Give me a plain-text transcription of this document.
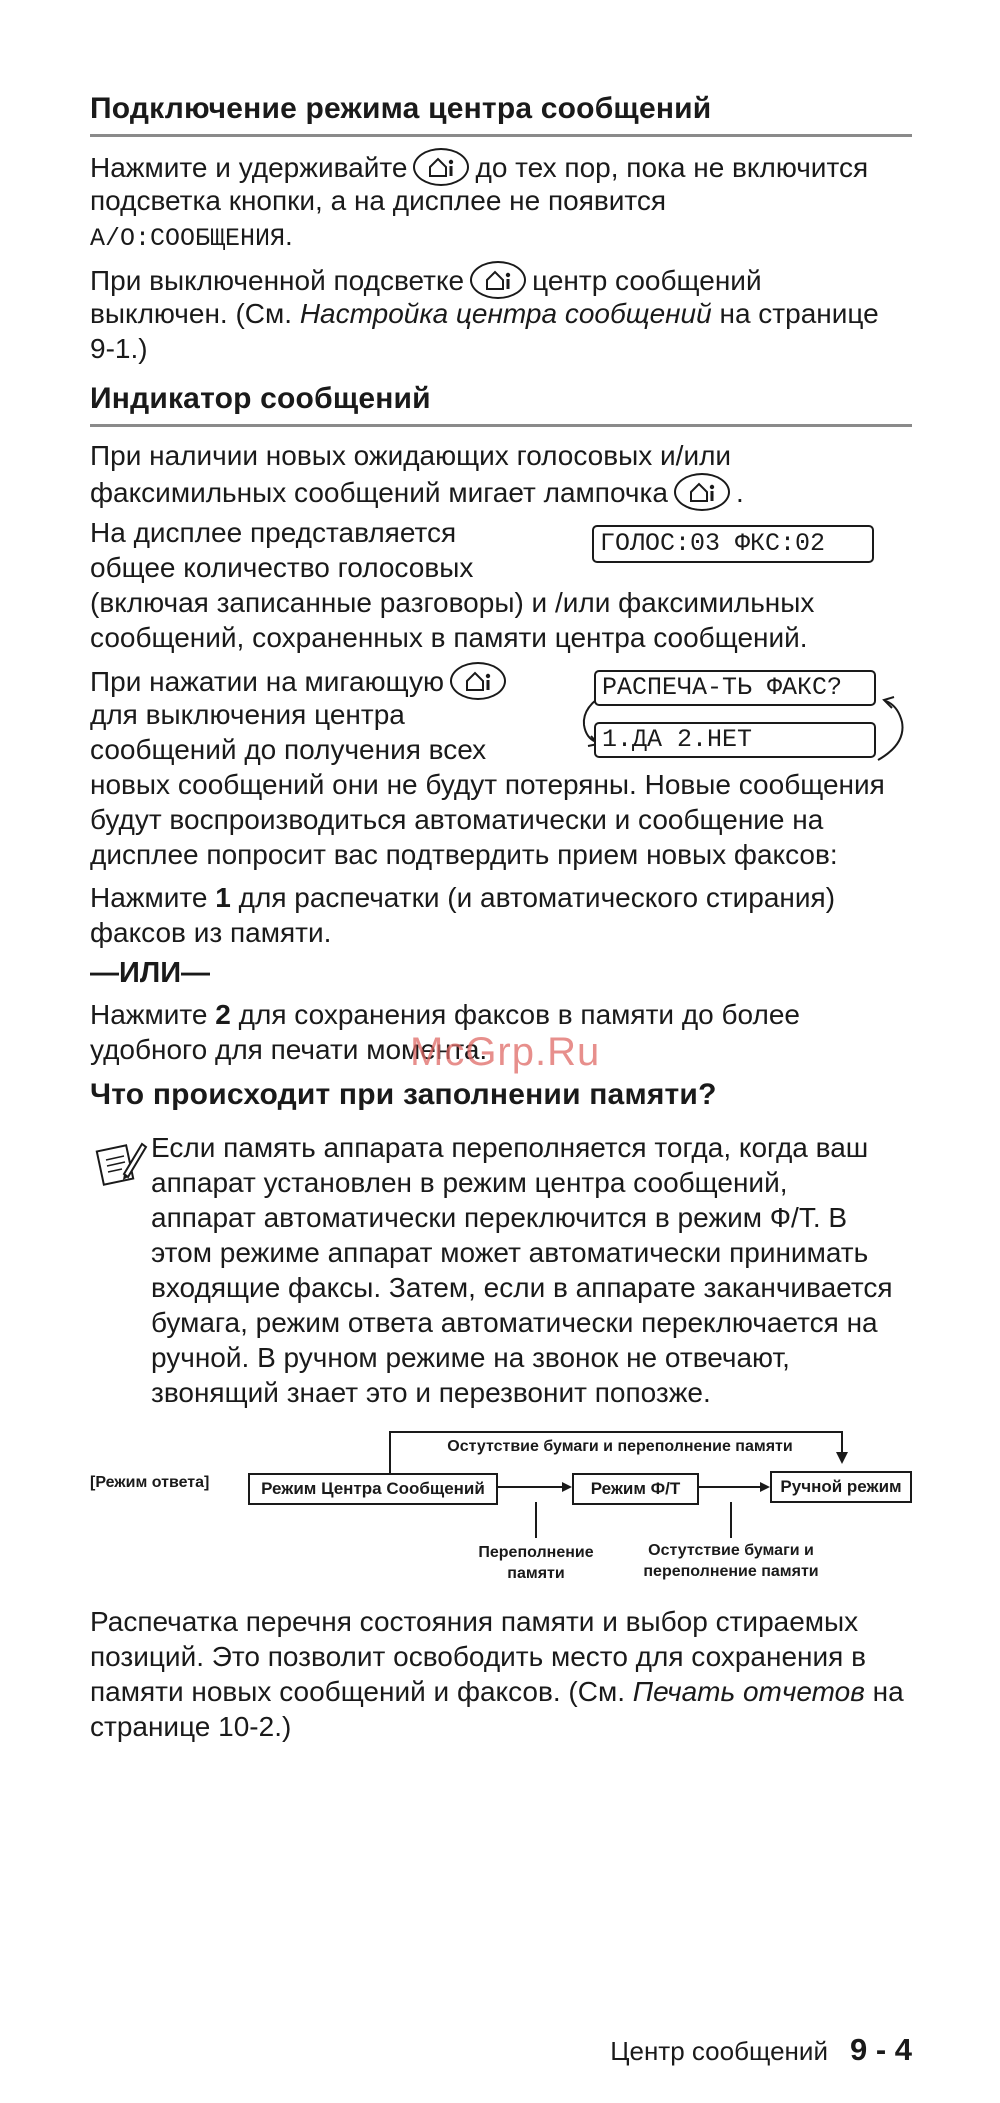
Подключение режима центра сообщений

Нажмите и удерживайте до тех пор, пока не включится

подсветка кнопки, а на дисплее не появится

А/О:СООБЩЕНИЯ.

При выключенной подсветке центр сообщений

выключен. (См. Настройка центра сообщений на странице

9-1.)

Индикатор сообщений

При наличии новых ожидающих голосовых и/или

факсимильных сообщений мигает лампочка .

На дисплее представляется

общее количество голосовых

ГОЛОС:03 ФКС:02

(включая записанные разговоры) и /или факсимильных

сообщений, сохраненных в памяти центра сообщений.

При нажатии на мигающую

для выключения центра

сообщений до получения всех

РАСПЕЧА-ТЬ ФАКС?
1.ДА 2.НЕТ

новых сообщений они не будут потеряны. Новые сообщения

будут воспроизводиться автоматически и сообщение на

дисплее попросит вас подтвердить прием новых факсов:

Нажмите 1 для распечатки (и автоматического стирания)

факсов из памяти.

—ИЛИ—

Нажмите 2 для сохранения факсов в памяти до более

удобного для печати момента.

Что происходит при заполнении памяти?

Если память аппарата переполняется тогда, когда ваш

аппарат установлен в режим центра сообщений,

аппарат автоматически переключится в режим Ф/Т. В

этом режиме аппарат может автоматически принимать

входящие факсы. Затем, если в аппарате заканчивается

бумага, режим ответа автоматически переключается на

ручной. В ручном режиме на звонок не отвечают,

звонящий знает это и перезвонит попозже.

Остутствие бумаги и переполнение памяти
[Режим ответа]	Режим Центра Сообщений	Режим Ф/Т	Ручной режим
Переполнение
памяти
Остутствие бумаги и
переполнение памяти

Распечатка перечня состояния памяти и выбор стираемых

позиций. Это позволит освободить место для сохранения в

памяти новых сообщений и факсов. (См. Печать отчетов на

странице 10-2.)

McGrp.Ru
Центр сообщений 9 - 4
